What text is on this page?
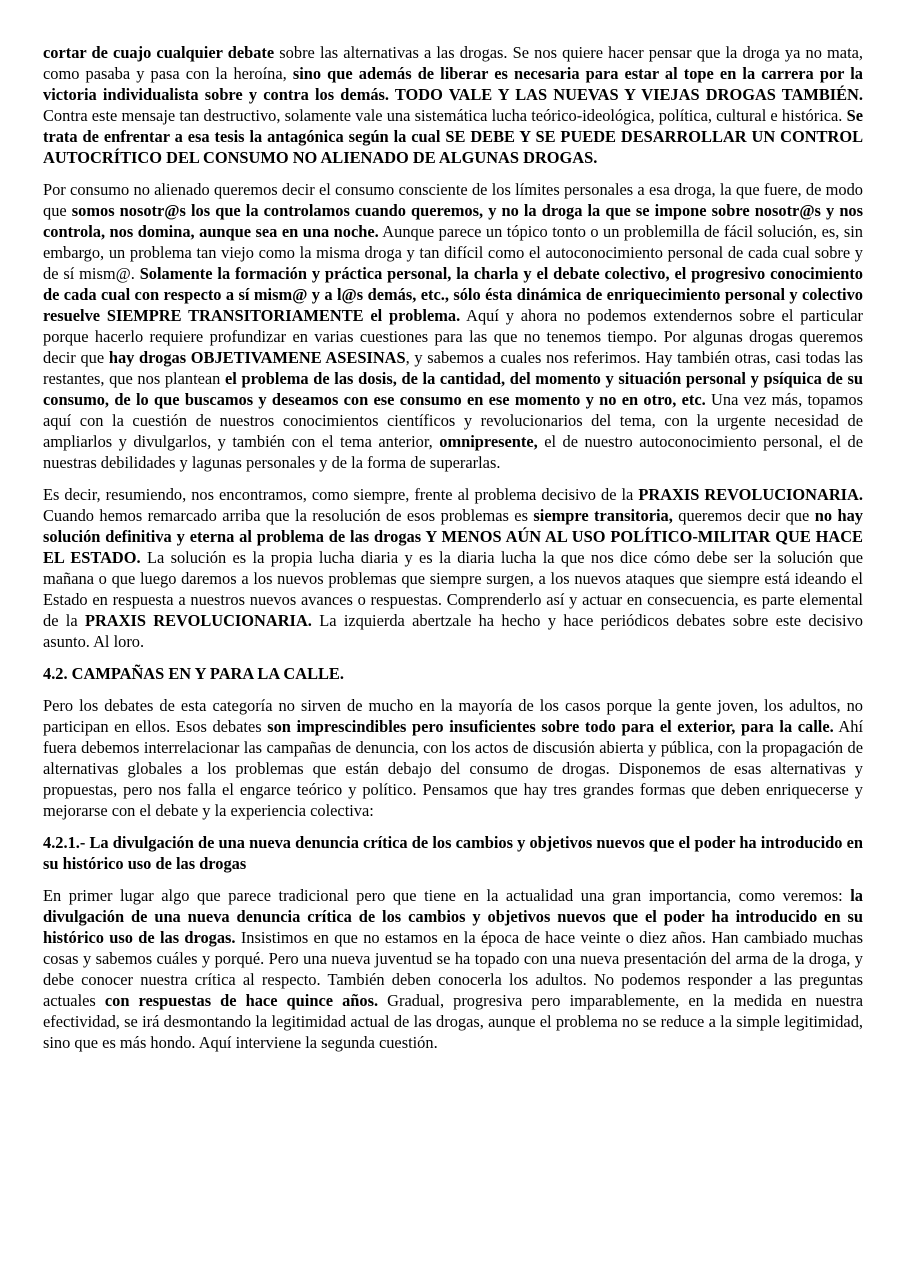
cortar de cuajo cualquier debate sobre las alternativas a las drogas. Se nos quiere hacer pensar que la droga ya no mata, como pasaba y pasa con la heroína, sino que además de liberar es necesaria para estar al tope en la carrera por la victoria individualista sobre y contra los demás. TODO VALE Y LAS NUEVAS Y VIEJAS DROGAS TAMBIÉN. Contra este mensaje tan destructivo, solamente vale una sistemática lucha teórico-ideológica, política, cultural e histórica. Se trata de enfrentar a esa tesis la antagónica según la cual SE DEBE Y SE PUEDE DESARROLLAR UN CONTROL AUTOCRÍTICO DEL CONSUMO NO ALIENADO DE ALGUNAS DROGAS.
Por consumo no alienado queremos decir el consumo consciente de los límites personales a esa droga, la que fuere, de modo que somos nosotr@s los que la controlamos cuando queremos, y no la droga la que se impone sobre nosotr@s y nos controla, nos domina, aunque sea en una noche. Aunque parece un tópico tonto o un problemilla de fácil solución, es, sin embargo, un problema tan viejo como la misma droga y tan difícil como el autoconocimiento personal de cada cual sobre y de sí mism@. Solamente la formación y práctica personal, la charla y el debate colectivo, el progresivo conocimiento de cada cual con respecto a sí mism@ y a l@s demás, etc., sólo ésta dinámica de enriquecimiento personal y colectivo resuelve SIEMPRE TRANSITORIAMENTE el problema. Aquí y ahora no podemos extendernos sobre el particular porque hacerlo requiere profundizar en varias cuestiones para las que no tenemos tiempo. Por algunas drogas queremos decir que hay drogas OBJETIVAMENE ASESINAS, y sabemos a cuales nos referimos. Hay también otras, casi todas las restantes, que nos plantean el problema de las dosis, de la cantidad, del momento y situación personal y psíquica de su consumo, de lo que buscamos y deseamos con ese consumo en ese momento y no en otro, etc. Una vez más, topamos aquí con la cuestión de nuestros conocimientos científicos y revolucionarios del tema, con la urgente necesidad de ampliarlos y divulgarlos, y también con el tema anterior, omnipresente, el de nuestro autoconocimiento personal, el de nuestras debilidades y lagunas personales y de la forma de superarlas.
Es decir, resumiendo, nos encontramos, como siempre, frente al problema decisivo de la PRAXIS REVOLUCIONARIA. Cuando hemos remarcado arriba que la resolución de esos problemas es siempre transitoria, queremos decir que no hay solución definitiva y eterna al problema de las drogas Y MENOS AÚN AL USO POLÍTICO-MILITAR QUE HACE EL ESTADO. La solución es la propia lucha diaria y es la diaria lucha la que nos dice cómo debe ser la solución que mañana o que luego daremos a los nuevos problemas que siempre surgen, a los nuevos ataques que siempre está ideando el Estado en respuesta a nuestros nuevos avances o respuestas. Comprenderlo así y actuar en consecuencia, es parte elemental de la PRAXIS REVOLUCIONARIA. La izquierda abertzale ha hecho y hace periódicos debates sobre este decisivo asunto. Al loro.
4.2. CAMPAÑAS EN Y PARA LA CALLE.
Pero los debates de esta categoría no sirven de mucho en la mayoría de los casos porque la gente joven, los adultos, no participan en ellos. Esos debates son imprescindibles pero insuficientes sobre todo para el exterior, para la calle. Ahí fuera debemos interrelacionar las campañas de denuncia, con los actos de discusión abierta y pública, con la propagación de alternativas globales a los problemas que están debajo del consumo de drogas. Disponemos de esas alternativas y propuestas, pero nos falla el engarce teórico y político. Pensamos que hay tres grandes formas que deben enriquecerse y mejorarse con el debate y la experiencia colectiva:
4.2.1.- La divulgación de una nueva denuncia crítica de los cambios y objetivos nuevos que el poder ha introducido en su histórico uso de las drogas
En primer lugar algo que parece tradicional pero que tiene en la actualidad una gran importancia, como veremos: la divulgación de una nueva denuncia crítica de los cambios y objetivos nuevos que el poder ha introducido en su histórico uso de las drogas. Insistimos en que no estamos en la época de hace veinte o diez años. Han cambiado muchas cosas y sabemos cuáles y porqué. Pero una nueva juventud se ha topado con una nueva presentación del arma de la droga, y debe conocer nuestra crítica al respecto. También deben conocerla los adultos. No podemos responder a las preguntas actuales con respuestas de hace quince años. Gradual, progresiva pero imparablemente, en la medida en nuestra efectividad, se irá desmontando la legitimidad actual de las drogas, aunque el problema no se reduce a la simple legitimidad, sino que es más hondo. Aquí interviene la segunda cuestión.
